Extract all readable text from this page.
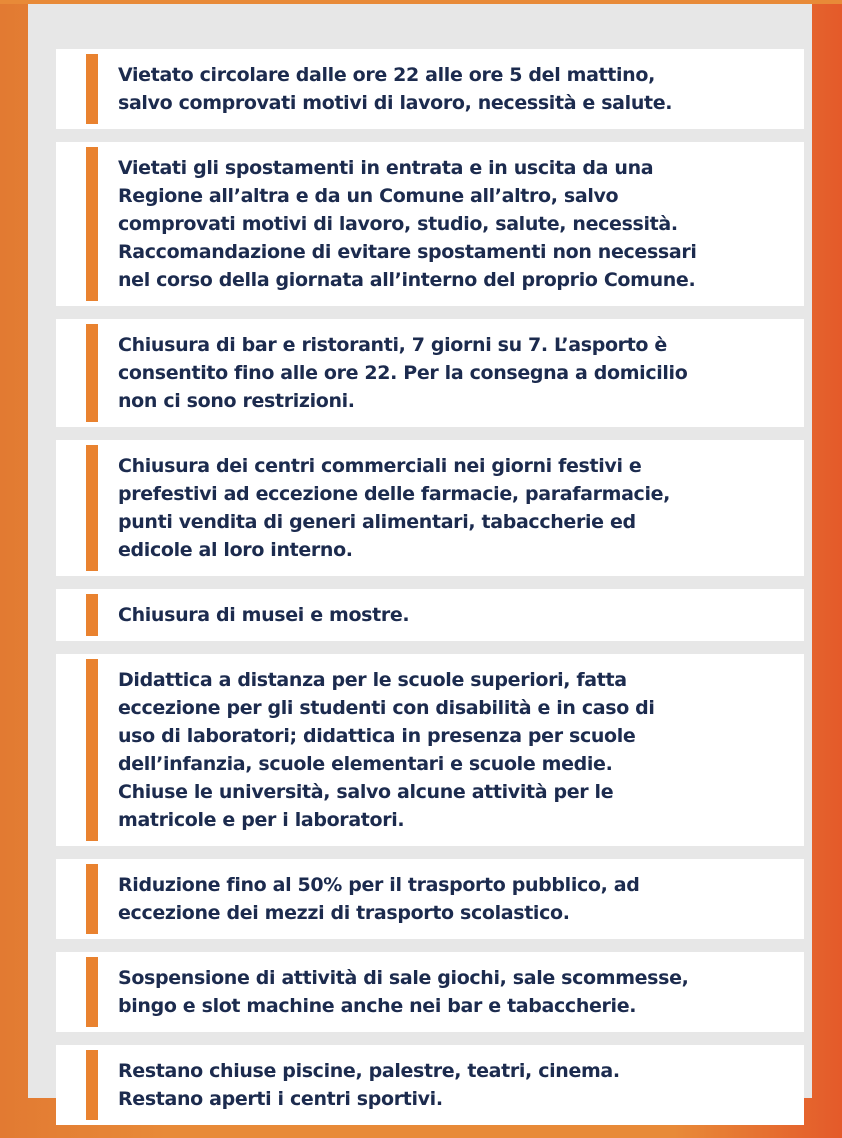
Vietato circolare dalle ore 22 alle ore 5 del mattino,
salvo comprovati motivi di lavoro, necessità e salute.
Vietati gli spostamenti in entrata e in uscita da una
Regione all’altra e da un Comune all’altro, salvo
comprovati motivi di lavoro, studio, salute, necessità.
Raccomandazione di evitare spostamenti non necessari
nel corso della giornata all’interno del proprio Comune.
Chiusura di bar e ristoranti, 7 giorni su 7. L’asporto è
consentito fino alle ore 22. Per la consegna a domicilio
non ci sono restrizioni.
Chiusura dei centri commerciali nei giorni festivi e
prefestivi ad eccezione delle farmacie, parafarmacie,
punti vendita di generi alimentari, tabaccherie ed
edicole al loro interno.
Chiusura di musei e mostre.
Didattica a distanza per le scuole superiori, fatta
eccezione per gli studenti con disabilità e in caso di
uso di laboratori; didattica in presenza per scuole
dell’infanzia, scuole elementari e scuole medie.
Chiuse le università, salvo alcune attività per le
matricole e per i laboratori.
Riduzione fino al 50% per il trasporto pubblico, ad
eccezione dei mezzi di trasporto scolastico.
Sospensione di attività di sale giochi, sale scommesse,
bingo e slot machine anche nei bar e tabaccherie.
Restano chiuse piscine, palestre, teatri, cinema.
Restano aperti i centri sportivi.
